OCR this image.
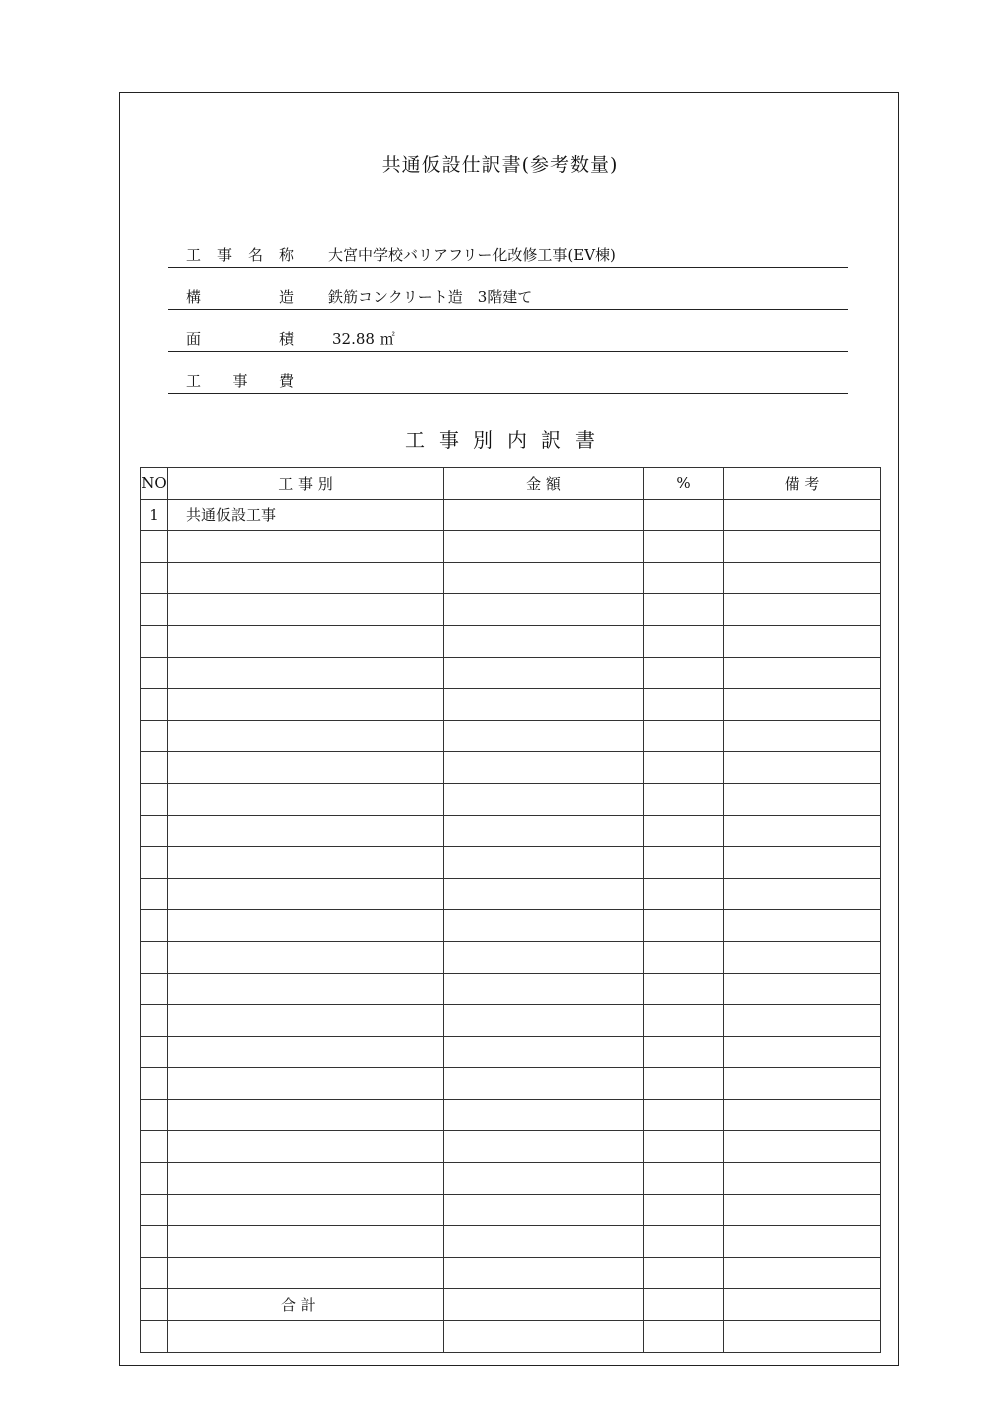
共通仮設仕訳書(参考数量)
工 事 名 称 大宮中学校バリアフリー化改修工事(EV棟)
構	造 鉄筋コンクリート造　3階建て
面	積	32.88 ㎡
工 事 費
工事別内訳書
NO	工 事 別	金 額	%	備 考
1	共通仮設工事			

	合 計			
